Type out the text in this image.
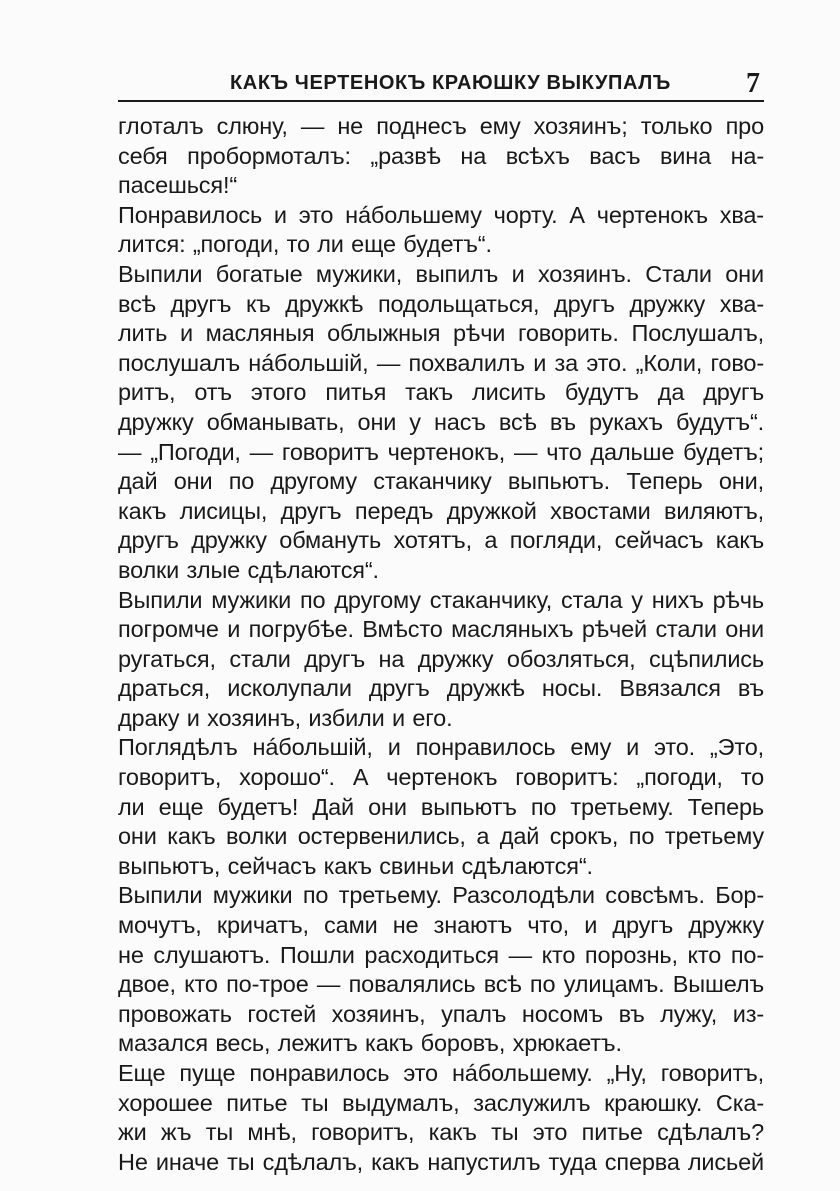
КАКЪ ЧЕРТЕНОКЪ КРАЮШКУ ВЫКУПАЛЪ	7
глоталъ слюну, — не поднесъ ему хозяинъ; только про
себя пробормоталъ: „развѣ на всѣхъ васъ вина на-
пасешься!“
Понравилось и это нáбольшему чорту. А чертенокъ хва-
лится: „погоди, то ли еще будетъ“.
Выпили богатые мужики, выпилъ и хозяинъ. Стали они
всѣ другъ къ дружкѣ подольщаться, другъ дружку хва-
лить и масляныя облыжныя рѣчи говорить. Послушалъ,
послушалъ нáбольшій, — похвалилъ и за это. „Коли, гово-
ритъ, отъ этого питья такъ лисить будутъ да другъ
дружку обманывать, они у насъ всѣ въ рукахъ будутъ“.
— „Погоди, — говоритъ чертенокъ, — что дальше будетъ;
дай они по другому стаканчику выпьютъ. Теперь они,
какъ лисицы, другъ передъ дружкой хвостами виляютъ,
другъ дружку обмануть хотятъ, а погляди, сейчасъ какъ
волки злые сдѣлаются“.
Выпили мужики по другому стаканчику, стала у нихъ рѣчь
погромче и погрубѣе. Вмѣсто масляныхъ рѣчей стали они
ругаться, стали другъ на дружку обозляться, сцѣпились
драться, исколупали другъ дружкѣ носы. Ввязался въ
драку и хозяинъ, избили и его.
Поглядѣлъ нáбольшій, и понравилось ему и это. „Это,
говоритъ, хорошо“. А чертенокъ говоритъ: „погоди, то
ли еще будетъ! Дай они выпьютъ по третьему. Теперь
они какъ волки остервенились, а дай срокъ, по третьему
выпьютъ, сейчасъ какъ свиньи сдѣлаются“.
Выпили мужики по третьему. Разсолодѣли совсѣмъ. Бор-
мочутъ, кричатъ, сами не знаютъ что, и другъ дружку
не слушаютъ. Пошли расходиться — кто порознь, кто по-
двое, кто по-трое — повалялись всѣ по улицамъ. Вышелъ
провожать гостей хозяинъ, упалъ носомъ въ лужу, из-
мазался весь, лежитъ какъ боровъ, хрюкаетъ.
Еще пуще понравилось это нáбольшему. „Ну, говоритъ,
хорошее питье ты выдумалъ, заслужилъ краюшку. Ска-
жи жъ ты мнѣ, говоритъ, какъ ты это питье сдѣлалъ?
Не иначе ты сдѣлалъ, какъ напустилъ туда сперва лисьей
